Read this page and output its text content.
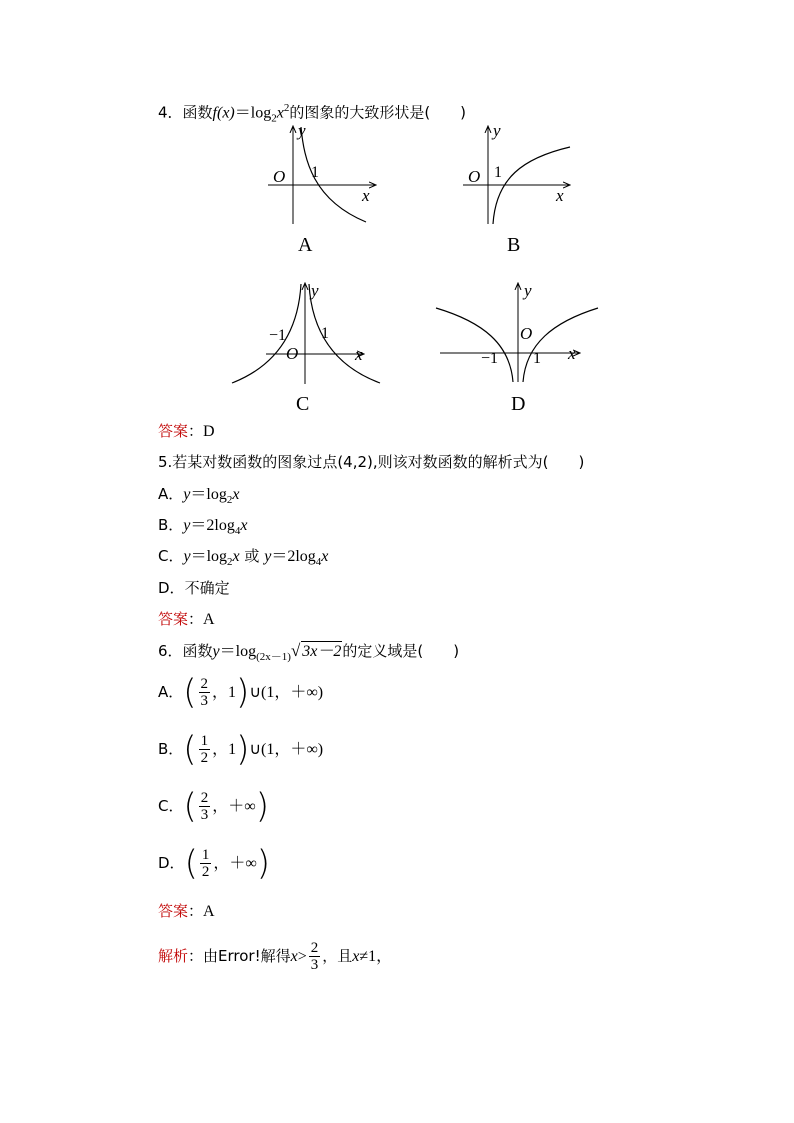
4．函数$f(x)=\log_2x^2$的图象的大致形状是(　　)
y
x
O 1
A
y
x
O 1
B
y
x
O
−1 1
C
y
x
O
−1 1
D
答案：D
5.若某对数函数的图象过点(4,2),则该对数函数的解析式为(　　)
A．$y=\log_2x$
B．$y=2\log_4x$
C．$y=\log_2x$ 或 $y=2\log_4x$
D．不确定
答案：A
6．函数$y=\log_{(2x-1)}√$ 3x－2的定义域是(　　)
A．( $\frac{2}{3}$ ，1)∪(1，＋∞)
B．( $\frac{1}{2}$ ，1)∪(1，＋∞)
C．( $\frac{2}{3}$ ，＋∞)
D．( $\frac{1}{2}$ ，＋∞)
答案：A
解析：由Error!解得$x> \frac{2}{3}$ ，且x≠1，
